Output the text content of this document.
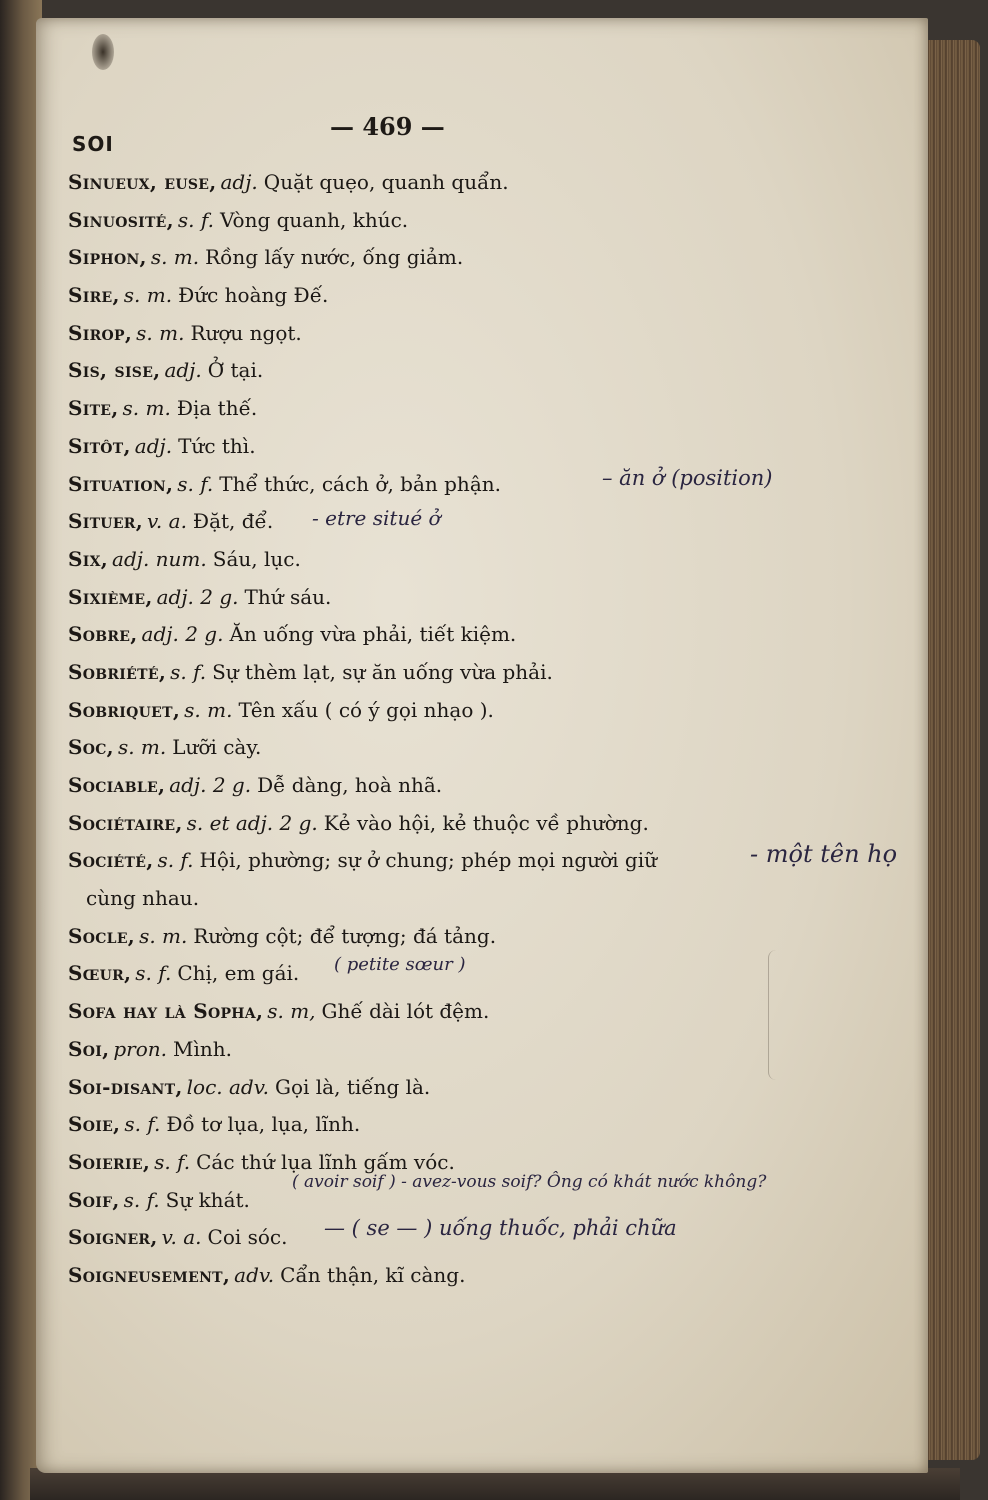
SOI
— 469 —
Sinueux, euse, adj. Quặt quẹo, quanh quẩn.
Sinuosité, s. f. Vòng quanh, khúc.
Siphon, s. m. Rồng lấy nước, ống giảm.
Sire, s. m. Đức hoàng Đế.
Sirop, s. m. Rượu ngọt.
Sis, sise, adj. Ở tại.
Site, s. m. Địa thế.
Sitôt, adj. Tức thì.
Situation, s. f. Thể thức, cách ở, bản phận.
Situer, v. a. Đặt, để.
Six, adj. num. Sáu, lục.
Sixième, adj. 2 g. Thứ sáu.
Sobre, adj. 2 g. Ăn uống vừa phải, tiết kiệm.
Sobriété, s. f. Sự thèm lạt, sự ăn uống vừa phải.
Sobriquet, s. m. Tên xấu ( có ý gọi nhạo ).
Soc, s. m. Lưỡi cày.
Sociable, adj. 2 g. Dễ dàng, hoà nhã.
Sociétaire, s. et adj. 2 g. Kẻ vào hội, kẻ thuộc về phường.
Société, s. f. Hội, phường; sự ở chung; phép mọi người giữ
cùng nhau.
Socle, s. m. Rường cột; để tượng; đá tảng.
Sœur, s. f. Chị, em gái.
Sofa hay là Sopha, s. m, Ghế dài lót đệm.
Soi, pron. Mình.
Soi-disant, loc. adv. Gọi là, tiếng là.
Soie, s. f. Đồ tơ lụa, lụa, lĩnh.
Soierie, s. f. Các thứ lụa lĩnh gấm vóc.
Soif, s. f. Sự khát.
Soigner, v. a. Coi sóc.
Soigneusement, adv. Cẩn thận, kĩ càng.
– ăn ở (position)
- etre situé ở
- một tên họ
( petite sœur )
( avoir soif ) - avez-vous soif? Ông có khát nước không?
— ( se — ) uống thuốc, phải chữa
